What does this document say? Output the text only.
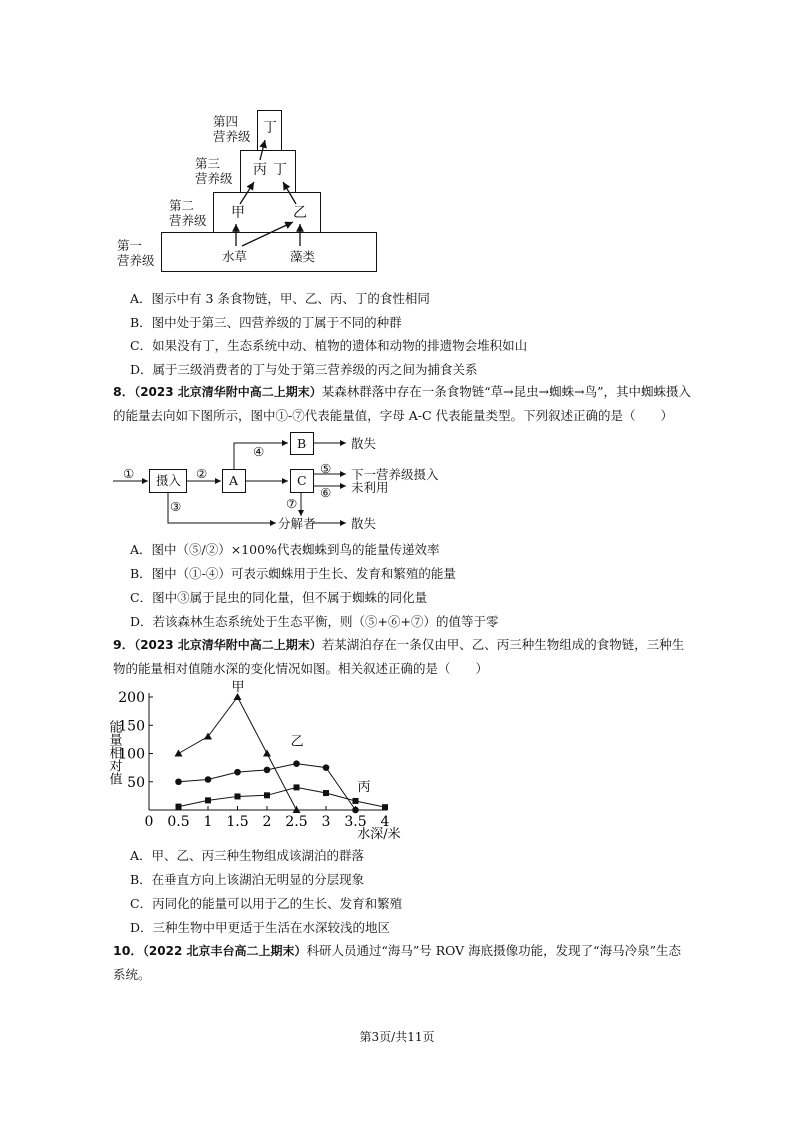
第四
营养级
第三
营养级
第二
营养级
第一
营养级
丁
丙 丁
甲	乙
水草	藻类
A．图示中有 3 条食物链，甲、乙、丙、丁的食性相同
B．图中处于第三、四营养级的丁属于不同的种群
C．如果没有丁，生态系统中动、植物的遗体和动物的排遗物会堆积如山
D．属于三级消费者的丁与处于第三营养级的丙之间为捕食关系
8．（2023 北京清华附中高二上期末）某森林群落中存在一条食物链“草→昆虫→蜘蛛→鸟”，其中蜘蛛摄入的能量去向如下图所示，图中①-⑦代表能量值，字母 A-C 代表能量类型。下列叙述正确的是（　　）
摄入	A
B
C
①	②
③
④
⑤
⑥
⑦
散失
下一营养级摄入
未利用
分解者	散失
A．图中（⑤/②）×100%代表蜘蛛到鸟的能量传递效率
B．图中（①-④）可表示蜘蛛用于生长、发育和繁殖的能量
C．图中③属于昆虫的同化量，但不属于蜘蛛的同化量
D．若该森林生态系统处于生态平衡，则（⑤+⑥+⑦）的值等于零
9．（2023 北京清华附中高二上期末）若某湖泊存在一条仅由甲、乙、丙三种生物组成的食物链，三种生物的能量相对值随水深的变化情况如图。相关叙述正确的是（　　）
50
100
150
200
0 0.5 1 1.5 2 2.5 3 3.5 4
水深/米
能量相对值
甲
乙
丙
A．甲、乙、丙三种生物组成该湖泊的群落
B．在垂直方向上该湖泊无明显的分层现象
C．丙同化的能量可以用于乙的生长、发育和繁殖
D．三种生物中甲更适于生活在水深较浅的地区
10．（2022 北京丰台高二上期末）科研人员通过“海马”号 ROV 海底摄像功能，发现了“海马冷泉”生态系统。
第3页/共11页
